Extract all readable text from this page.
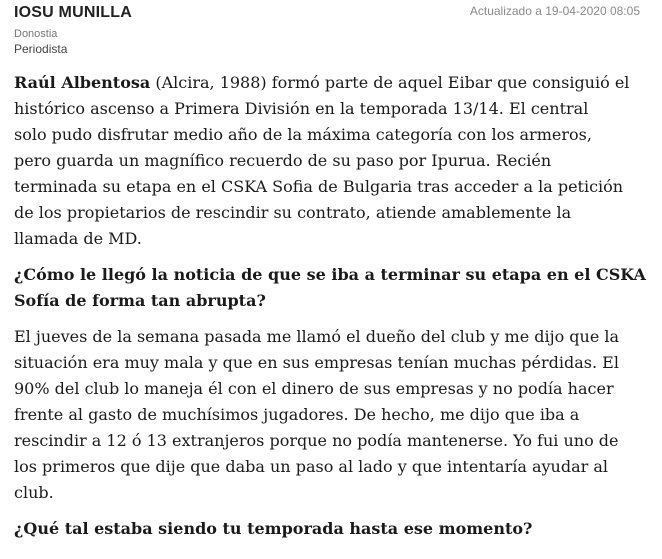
IOSU MUNILLA
Donostia
Periodista
Actualizado a 19-04-2020 08:05

Raúl Albentosa (Alcira, 1988) formó parte de aquel Eibar que consiguió el
histórico ascenso a Primera División en la temporada 13/14. El central
solo pudo disfrutar medio año de la máxima categoría con los armeros,
pero guarda un magnífico recuerdo de su paso por Ipurua. Recién
terminada su etapa en el CSKA Sofia de Bulgaria tras acceder a la petición
de los propietarios de rescindir su contrato, atiende amablemente la
llamada de MD.

¿Cómo le llegó la noticia de que se iba a terminar su etapa en el CSKA
Sofía de forma tan abrupta?

El jueves de la semana pasada me llamó el dueño del club y me dijo que la
situación era muy mala y que en sus empresas tenían muchas pérdidas. El
90% del club lo maneja él con el dinero de sus empresas y no podía hacer
frente al gasto de muchísimos jugadores. De hecho, me dijo que iba a
rescindir a 12 ó 13 extranjeros porque no podía mantenerse. Yo fui uno de
los primeros que dije que daba un paso al lado y que intentaría ayudar al
club.

¿Qué tal estaba siendo tu temporada hasta ese momento?
